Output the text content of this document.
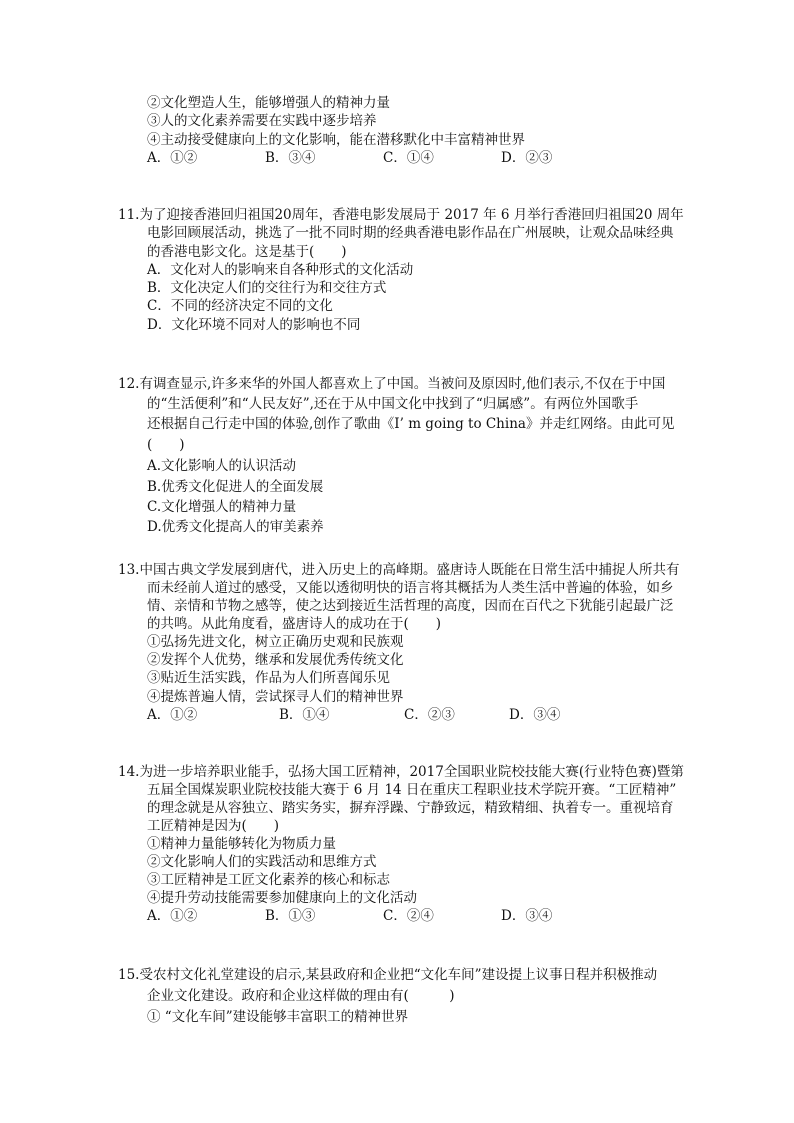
②文化塑造人生，能够增强人的精神力量
③人的文化素养需要在实践中逐步培养
④主动接受健康向上的文化影响，能在潜移默化中丰富精神世界
A．①②	B．③④	C．①④	D．②③
11.为了迎接香港回归祖国20周年，香港电影发展局于 2017 年 6 月举行香港回归祖国20 周年
电影回顾展活动，挑选了一批不同时期的经典香港电影作品在广州展映，让观众品味经典
的香港电影文化。这是基于(　　)
A．文化对人的影响来自各种形式的文化活动
B．文化决定人们的交往行为和交往方式
C．不同的经济决定不同的文化
D．文化环境不同对人的影响也不同
12.有调查显示,许多来华的外国人都喜欢上了中国。当被问及原因时,他们表示,不仅在于中国
的“生活便利”和“人民友好”,还在于从中国文化中找到了“归属感”。有两位外国歌手
还根据自己行走中国的体验,创作了歌曲《I’ m going to China》并走红网络。由此可见
(　　)
A.文化影响人的认识活动
B.优秀文化促进人的全面发展
C.文化增强人的精神力量
D.优秀文化提高人的审美素养
13.中国古典文学发展到唐代，进入历史上的高峰期。盛唐诗人既能在日常生活中捕捉人所共有
而未经前人道过的感受，又能以透彻明快的语言将其概括为人类生活中普遍的体验，如乡
情、亲情和节物之感等，使之达到接近生活哲理的高度，因而在百代之下犹能引起最广泛
的共鸣。从此角度看，盛唐诗人的成功在于(　　)
①弘扬先进文化，树立正确历史观和民族观
②发挥个人优势，继承和发展优秀传统文化
③贴近生活实践，作品为人们所喜闻乐见
④提炼普遍人情，尝试探寻人们的精神世界
A．①②	B．①④	C．②③	D．③④
14.为进一步培养职业能手，弘扬大国工匠精神，2017全国职业院校技能大赛(行业特色赛)暨第
五届全国煤炭职业院校技能大赛于 6 月 14 日在重庆工程职业技术学院开赛。“工匠精神”
的理念就是从容独立、踏实务实，摒弃浮躁、宁静致远，精致精细、执着专一。重视培育
工匠精神是因为(　　)
①精神力量能够转化为物质力量
②文化影响人们的实践活动和思维方式
③工匠精神是工匠文化素养的核心和标志
④提升劳动技能需要参加健康向上的文化活动
A．①②	B．①③	C．②④	D．③④
15.受农村文化礼堂建设的启示,某县政府和企业把“文化车间”建设提上议事日程并积极推动
企业文化建设。政府和企业这样做的理由有(　　　)
① “文化车间”建设能够丰富职工的精神世界
